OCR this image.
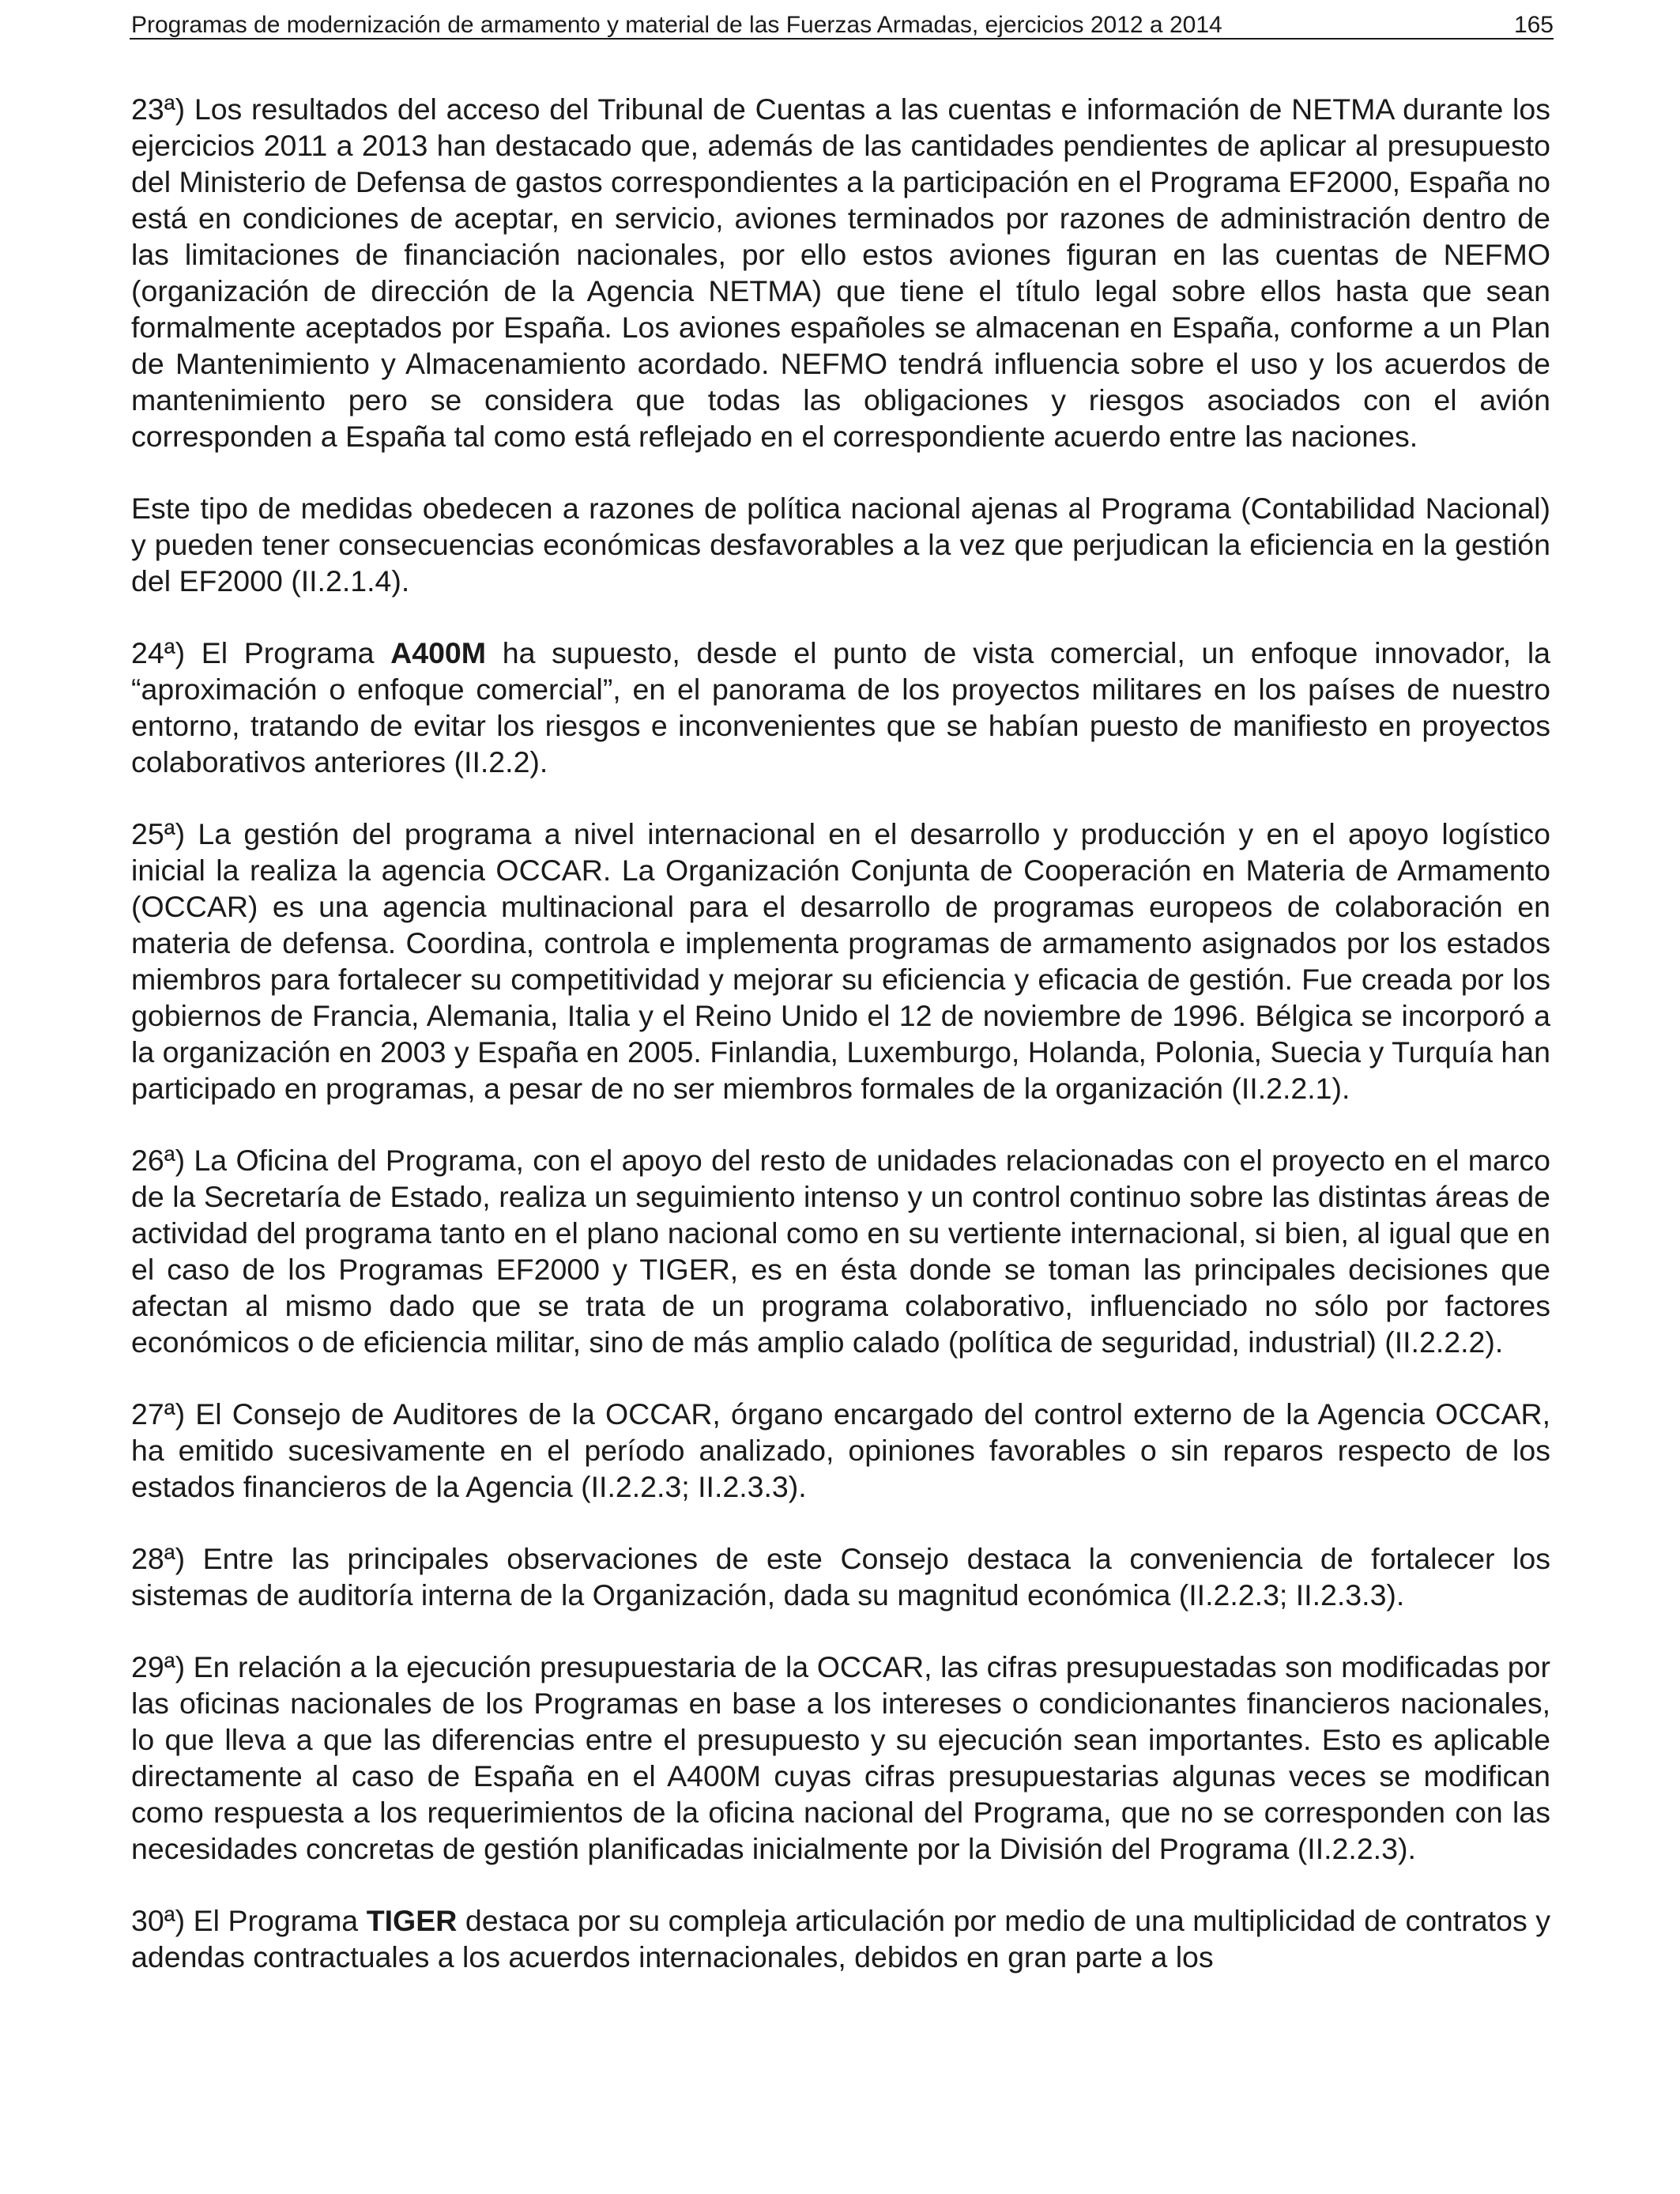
Programas de modernización de armamento y material de las Fuerzas Armadas, ejercicios 2012 a 2014	165

23ª) Los resultados del acceso del Tribunal de Cuentas a las cuentas e información de NETMA durante los ejercicios 2011 a 2013 han destacado que, además de las cantidades pendientes de aplicar al presupuesto del Ministerio de Defensa de gastos correspondientes a la participación en el Programa EF2000, España no está en condiciones de aceptar, en servicio, aviones terminados por razones de administración dentro de las limitaciones de financiación nacionales, por ello estos aviones figuran en las cuentas de NEFMO (organización de dirección de la Agencia NETMA) que tiene el título legal sobre ellos hasta que sean formalmente aceptados por España. Los aviones españoles se almacenan en España, conforme a un Plan de Mantenimiento y Almacenamiento acordado. NEFMO tendrá influencia sobre el uso y los acuerdos de mantenimiento pero se considera que todas las obligaciones y riesgos asociados con el avión corresponden a España tal como está reflejado en el correspondiente acuerdo entre las naciones.

Este tipo de medidas obedecen a razones de política nacional ajenas al Programa (Contabilidad Nacional) y pueden tener consecuencias económicas desfavorables a la vez que perjudican la eficiencia en la gestión del EF2000 (II.2.1.4).

24ª) El Programa A400M ha supuesto, desde el punto de vista comercial, un enfoque innovador, la “aproximación o enfoque comercial”, en el panorama de los proyectos militares en los países de nuestro entorno, tratando de evitar los riesgos e inconvenientes que se habían puesto de manifiesto en proyectos colaborativos anteriores (II.2.2).

25ª) La gestión del programa a nivel internacional en el desarrollo y producción y en el apoyo logístico inicial la realiza la agencia OCCAR. La Organización Conjunta de Cooperación en Materia de Armamento (OCCAR) es una agencia multinacional para el desarrollo de programas europeos de colaboración en materia de defensa. Coordina, controla e implementa programas de armamento asignados por los estados miembros para fortalecer su competitividad y mejorar su eficiencia y eficacia de gestión. Fue creada por los gobiernos de Francia, Alemania, Italia y el Reino Unido el 12 de noviembre de 1996. Bélgica se incorporó a la organización en 2003 y España en 2005. Finlandia, Luxemburgo, Holanda, Polonia, Suecia y Turquía han participado en programas, a pesar de no ser miembros formales de la organización (II.2.2.1).

26ª) La Oficina del Programa, con el apoyo del resto de unidades relacionadas con el proyecto en el marco de la Secretaría de Estado, realiza un seguimiento intenso y un control continuo sobre las distintas áreas de actividad del programa tanto en el plano nacional como en su vertiente internacional, si bien, al igual que en el caso de los Programas EF2000 y TIGER, es en ésta donde se toman las principales decisiones que afectan al mismo dado que se trata de un programa colaborativo, influenciado no sólo por factores económicos o de eficiencia militar, sino de más amplio calado (política de seguridad, industrial) (II.2.2.2).

27ª) El Consejo de Auditores de la OCCAR, órgano encargado del control externo de la Agencia OCCAR, ha emitido sucesivamente en el período analizado, opiniones favorables o sin reparos respecto de los estados financieros de la Agencia (II.2.2.3; II.2.3.3).

28ª) Entre las principales observaciones de este Consejo destaca la conveniencia de fortalecer los sistemas de auditoría interna de la Organización, dada su magnitud económica (II.2.2.3; II.2.3.3).

29ª) En relación a la ejecución presupuestaria de la OCCAR, las cifras presupuestadas son modificadas por las oficinas nacionales de los Programas en base a los intereses o condicionantes financieros nacionales, lo que lleva a que las diferencias entre el presupuesto y su ejecución sean importantes. Esto es aplicable directamente al caso de España en el A400M cuyas cifras presupuestarias algunas veces se modifican como respuesta a los requerimientos de la oficina nacional del Programa, que no se corresponden con las necesidades concretas de gestión planificadas inicialmente por la División del Programa (II.2.2.3).

30ª) El Programa TIGER destaca por su compleja articulación por medio de una multiplicidad de contratos y adendas contractuales a los acuerdos internacionales, debidos en gran parte a los
